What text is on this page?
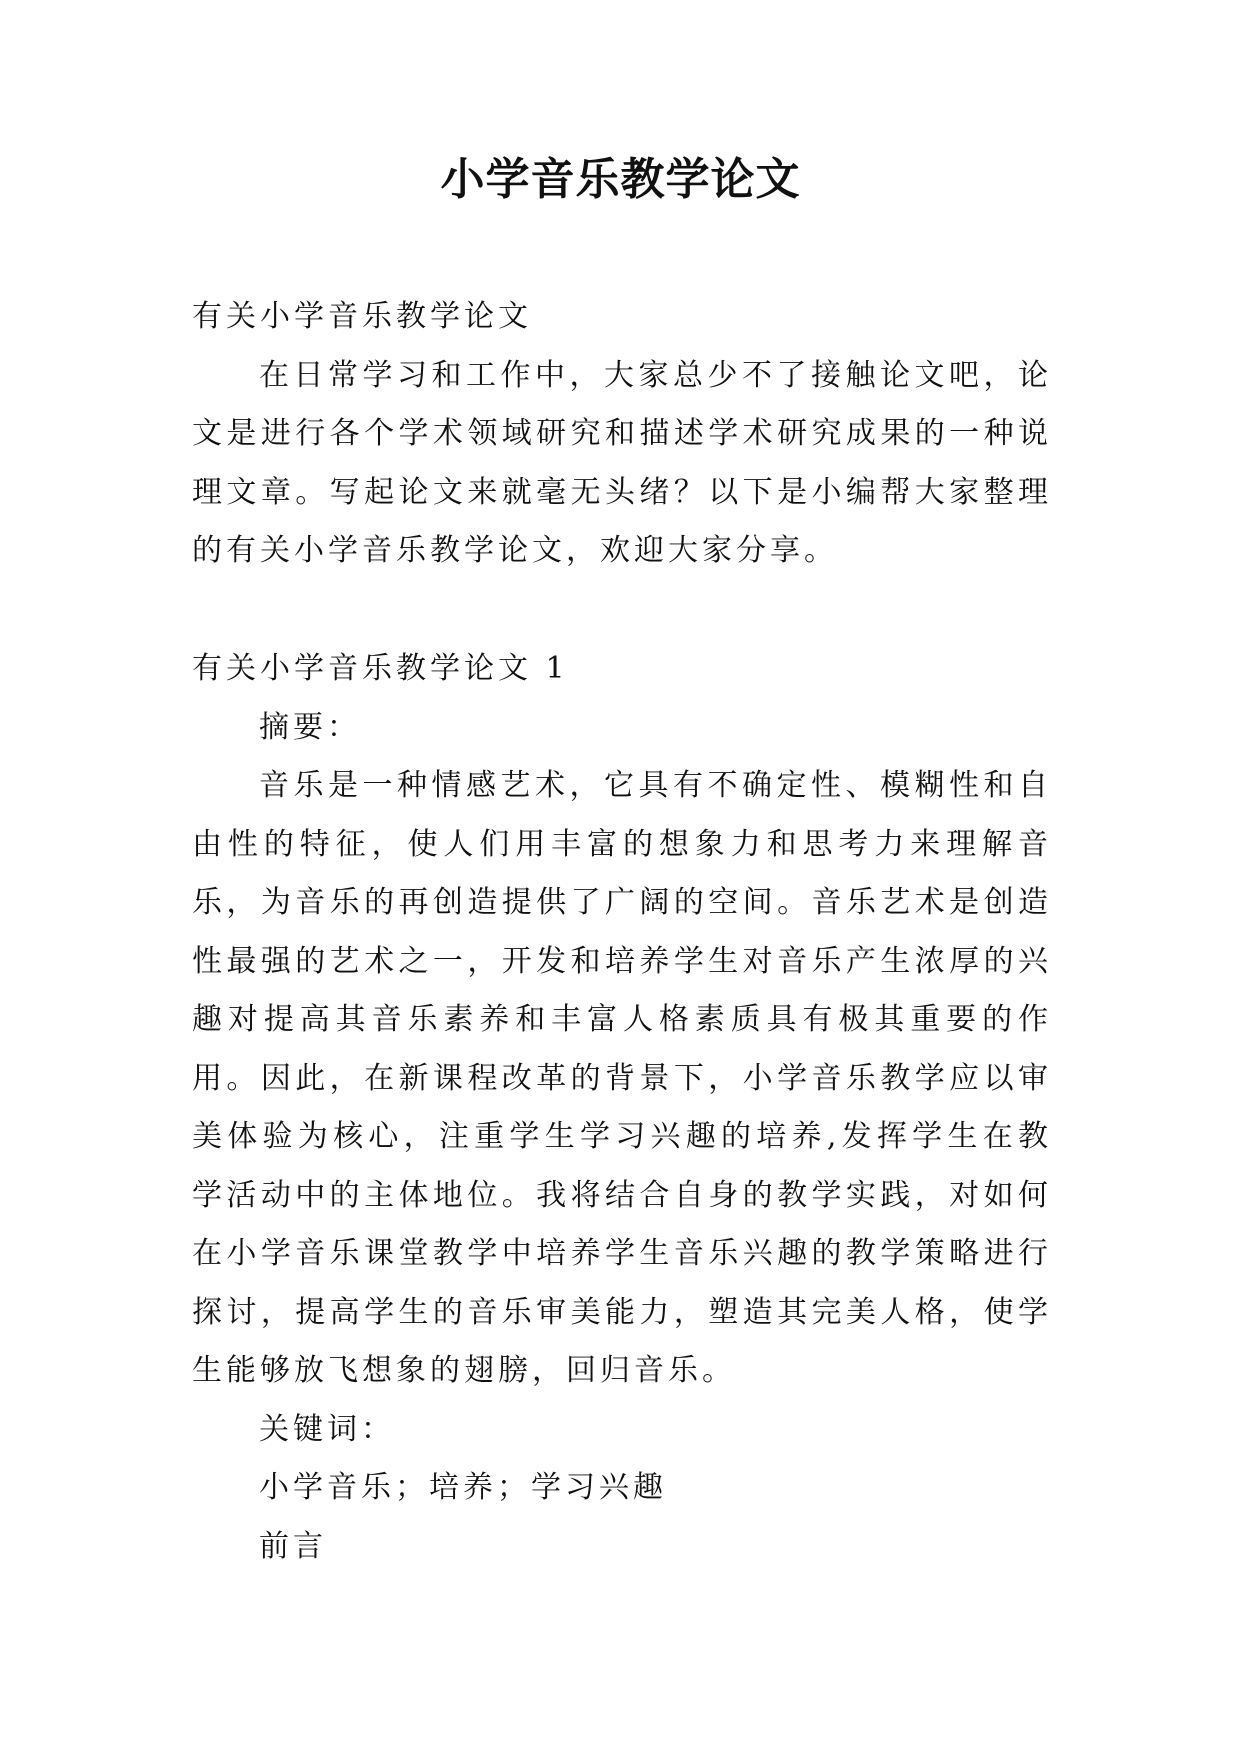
小学音乐教学论文

有关小学音乐教学论文

在日常学习和工作中，大家总少不了接触论文吧，论文是进行各个学术领域研究和描述学术研究成果的一种说理文章。写起论文来就毫无头绪？以下是小编帮大家整理的有关小学音乐教学论文，欢迎大家分享。

有关小学音乐教学论文 1

摘要：

音乐是一种情感艺术，它具有不确定性、模糊性和自由性的特征，使人们用丰富的想象力和思考力来理解音乐，为音乐的再创造提供了广阔的空间。音乐艺术是创造性最强的艺术之一，开发和培养学生对音乐产生浓厚的兴趣对提高其音乐素养和丰富人格素质具有极其重要的作用。因此，在新课程改革的背景下，小学音乐教学应以审美体验为核心，注重学生学习兴趣的培养,发挥学生在教学活动中的主体地位。我将结合自身的教学实践，对如何在小学音乐课堂教学中培养学生音乐兴趣的教学策略进行探讨，提高学生的音乐审美能力，塑造其完美人格，使学生能够放飞想象的翅膀，回归音乐。

关键词：

小学音乐；培养；学习兴趣

前言
